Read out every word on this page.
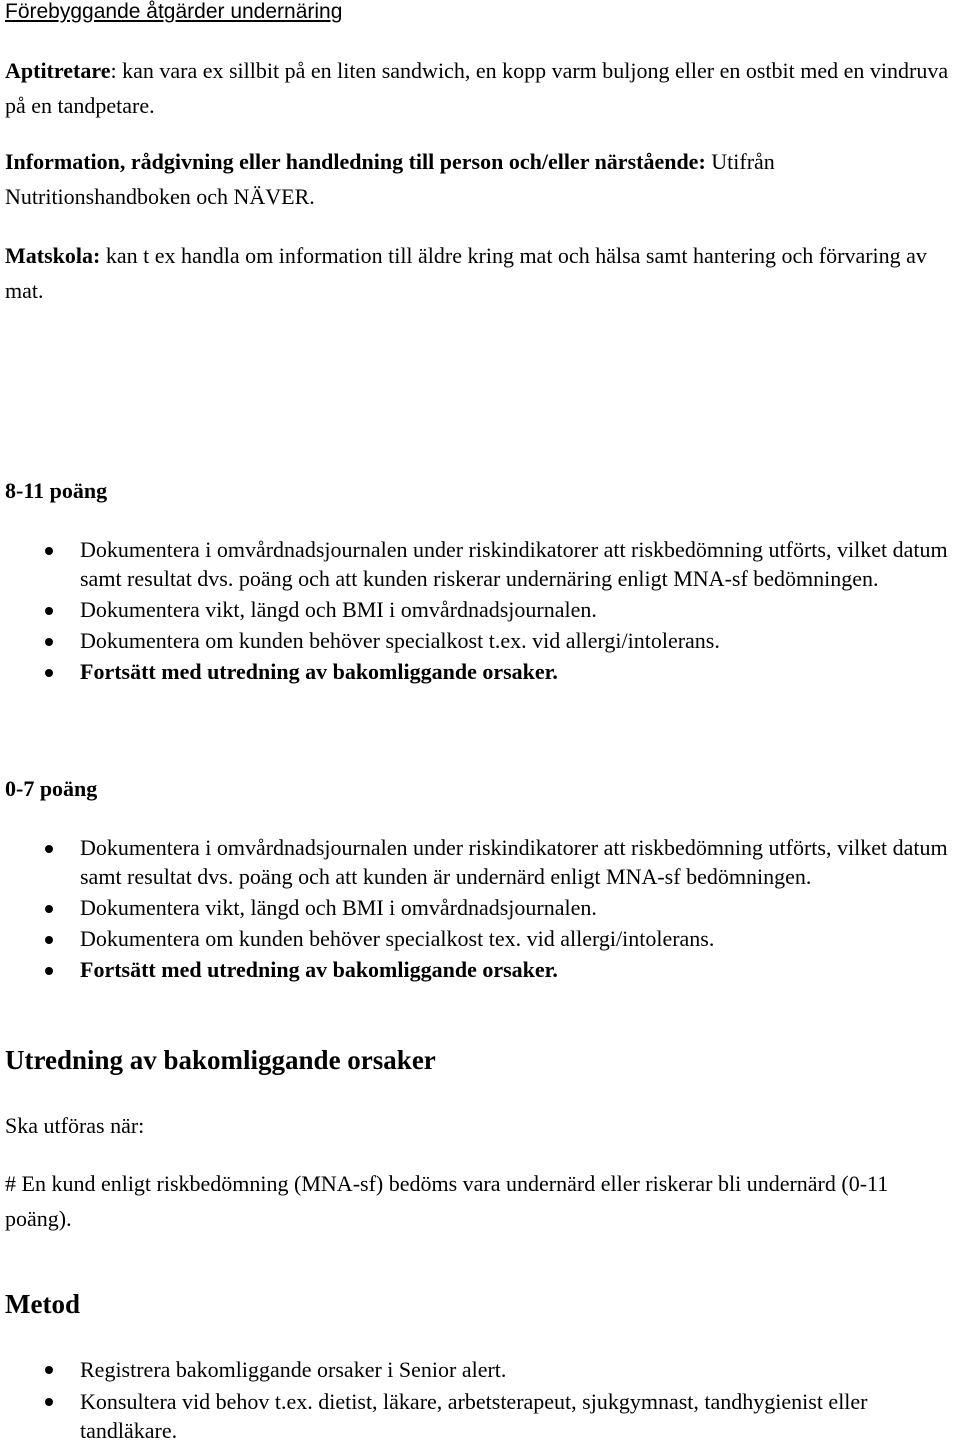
Förebyggande åtgärder undernäring

Aptitretare: kan vara ex sillbit på en liten sandwich, en kopp varm buljong eller en ostbit med en vindruva på en tandpetare.

Information, rådgivning eller handledning till person och/eller närstående: Utifrån Nutritionshandboken och NÄVER.

Matskola: kan t ex handla om information till äldre kring mat och hälsa samt hantering och förvaring av mat.

8-11 poäng

Dokumentera i omvårdnadsjournalen under riskindikatorer att riskbedömning utförts, vilket datum samt resultat dvs. poäng och att kunden riskerar undernäring enligt MNA-sf bedömningen.
Dokumentera vikt, längd och BMI i omvårdnadsjournalen.
Dokumentera om kunden behöver specialkost t.ex. vid allergi/intolerans.
Fortsätt med utredning av bakomliggande orsaker.

0-7 poäng

Dokumentera i omvårdnadsjournalen under riskindikatorer att riskbedömning utförts, vilket datum samt resultat dvs. poäng och att kunden är undernärd enligt MNA-sf bedömningen.
Dokumentera vikt, längd och BMI i omvårdnadsjournalen.
Dokumentera om kunden behöver specialkost tex. vid allergi/intolerans.
Fortsätt med utredning av bakomliggande orsaker.

Utredning av bakomliggande orsaker

Ska utföras när:

# En kund enligt riskbedömning (MNA-sf) bedöms vara undernärd eller riskerar bli undernärd (0-11 poäng).

Metod

Registrera bakomliggande orsaker i Senior alert.
Konsultera vid behov t.ex. dietist, läkare, arbetsterapeut, sjukgymnast, tandhygienist eller tandläkare.
